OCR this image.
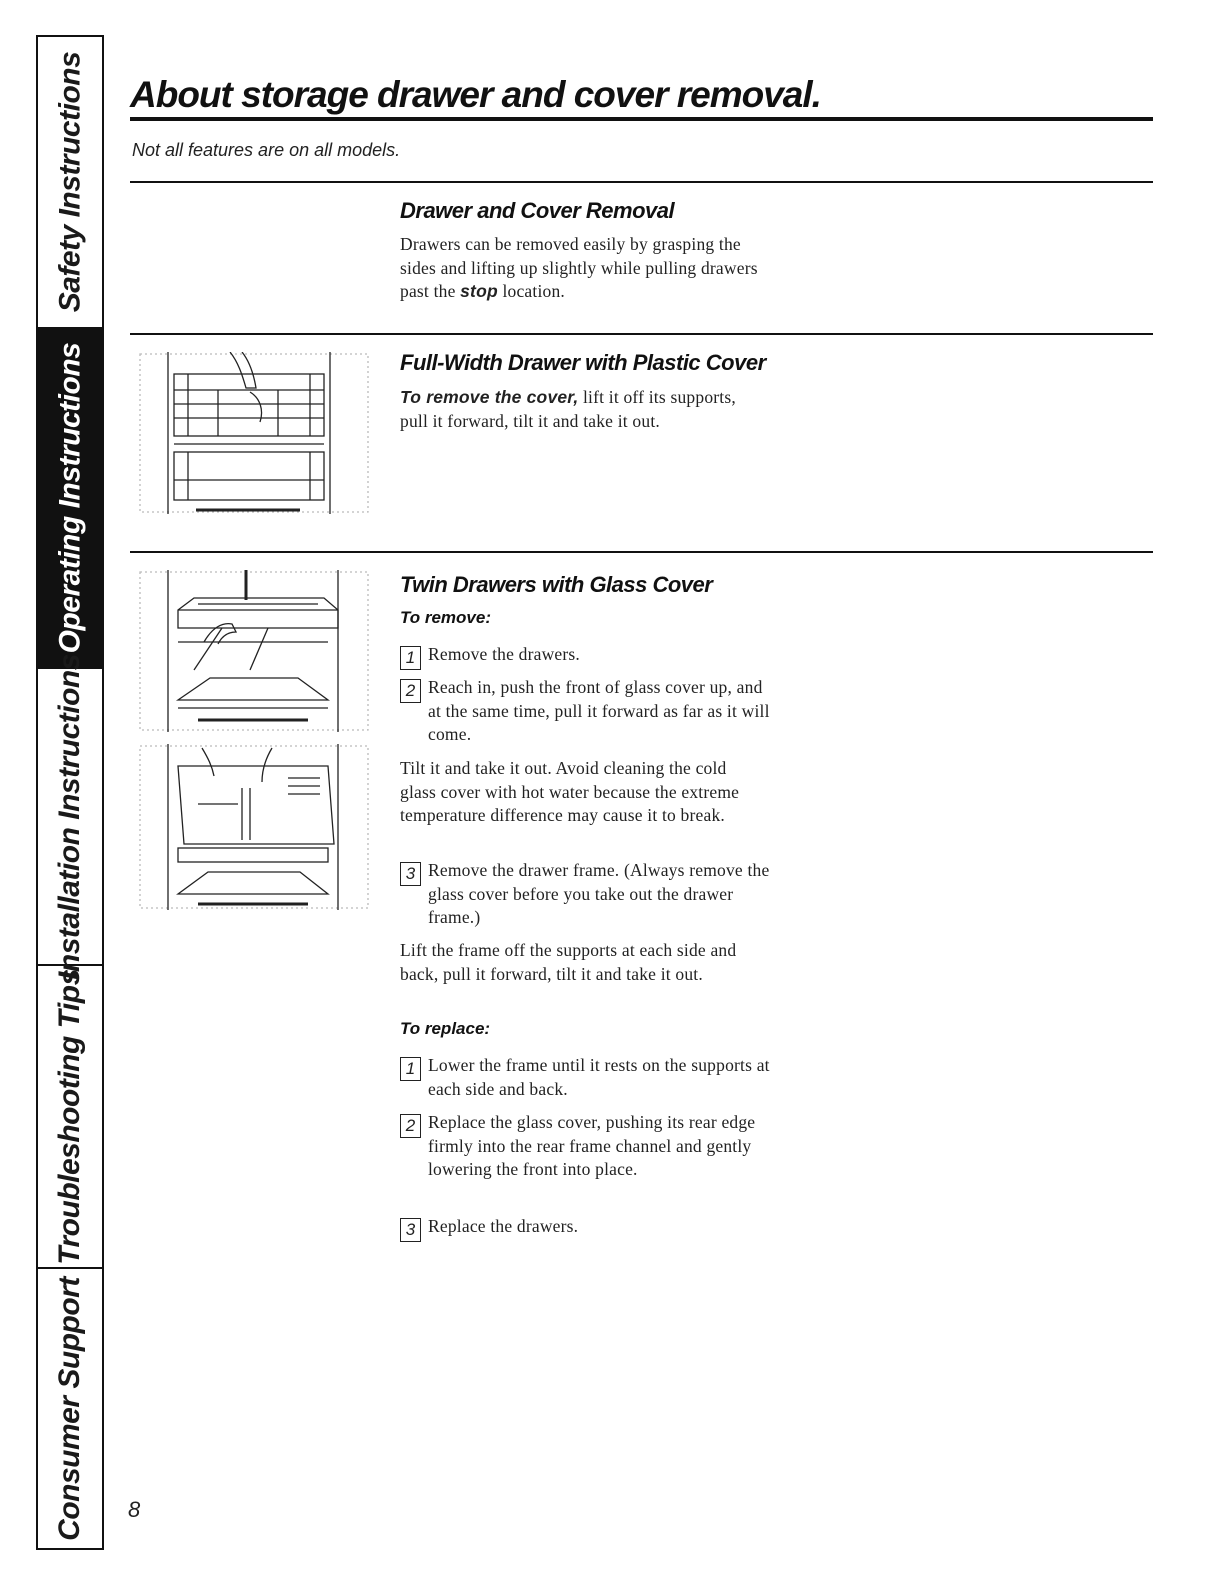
Safety Instructions
Operating Instructions
Installation Instructions
Troubleshooting Tips
Consumer Support
About storage drawer and cover removal.

Not all features are on all models.

Drawer and Cover Removal

Drawers can be removed easily by grasping the sides and lifting up slightly while pulling drawers past the stop location.

Full-Width Drawer with Plastic Cover

To remove the cover, lift it off its supports, pull it forward, tilt it and take it out.

Twin Drawers with Glass Cover

To remove:

1 Remove the drawers.

2 Reach in, push the front of glass cover up, and at the same time, pull it forward as far as it will come.

Tilt it and take it out. Avoid cleaning the cold glass cover with hot water because the extreme temperature difference may cause it to break.

3 Remove the drawer frame. (Always remove the glass cover before you take out the drawer frame.)

Lift the frame off the supports at each side and back, pull it forward, tilt it and take it out.

To replace:

1 Lower the frame until it rests on the supports at each side and back.

2 Replace the glass cover, pushing its rear edge firmly into the rear frame channel and gently lowering the front into place.

3 Replace the drawers.

8
